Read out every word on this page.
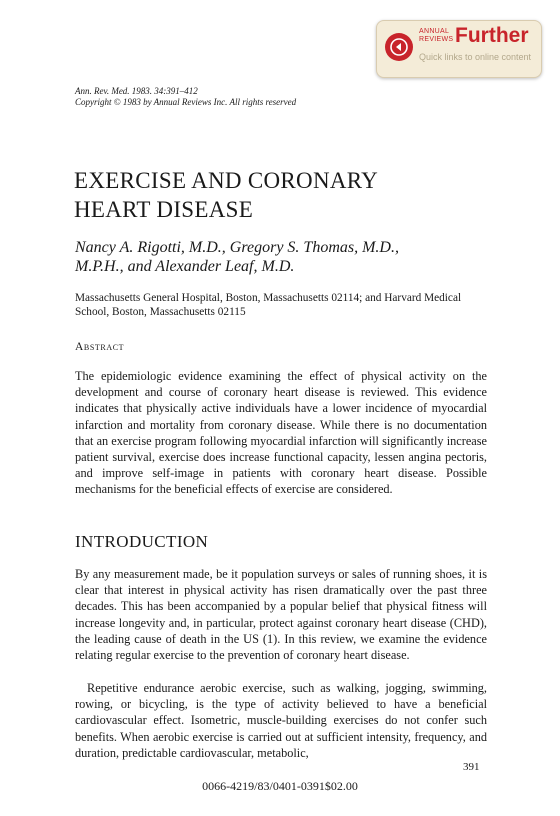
ANNUAL
REVIEWS Further
Quick links to online content
Ann. Rev. Med. 1983. 34:391–412
Copyright © 1983 by Annual Reviews Inc. All rights reserved
EXERCISE AND CORONARY
HEART DISEASE
Nancy A. Rigotti, M.D., Gregory S. Thomas, M.D.,
M.P.H., and Alexander Leaf, M.D.
Massachusetts General Hospital, Boston, Massachusetts 02114; and Harvard Medical School, Boston, Massachusetts 02115
Abstract
The epidemiologic evidence examining the effect of physical activity on the development and course of coronary heart disease is reviewed. This evidence indicates that physically active individuals have a lower incidence of myocardial infarction and mortality from coronary disease. While there is no documentation that an exercise program following myocardial infarction will significantly increase patient survival, exercise does increase functional capacity, lessen angina pectoris, and improve self-image in patients with coronary heart disease. Possible mechanisms for the beneficial effects of exercise are considered.
INTRODUCTION
By any measurement made, be it population surveys or sales of running shoes, it is clear that interest in physical activity has risen dramatically over the past three decades. This has been accompanied by a popular belief that physical fitness will increase longevity and, in particular, protect against coronary heart disease (CHD), the leading cause of death in the US (1). In this review, we examine the evidence relating regular exercise to the prevention of coronary heart disease.
Repetitive endurance aerobic exercise, such as walking, jogging, swimming, rowing, or bicycling, is the type of activity believed to have a beneficial cardiovascular effect. Isometric, muscle-building exercises do not confer such benefits. When aerobic exercise is carried out at sufficient intensity, frequency, and duration, predictable cardiovascular, metabolic,
391
0066-4219/83/0401-0391$02.00
